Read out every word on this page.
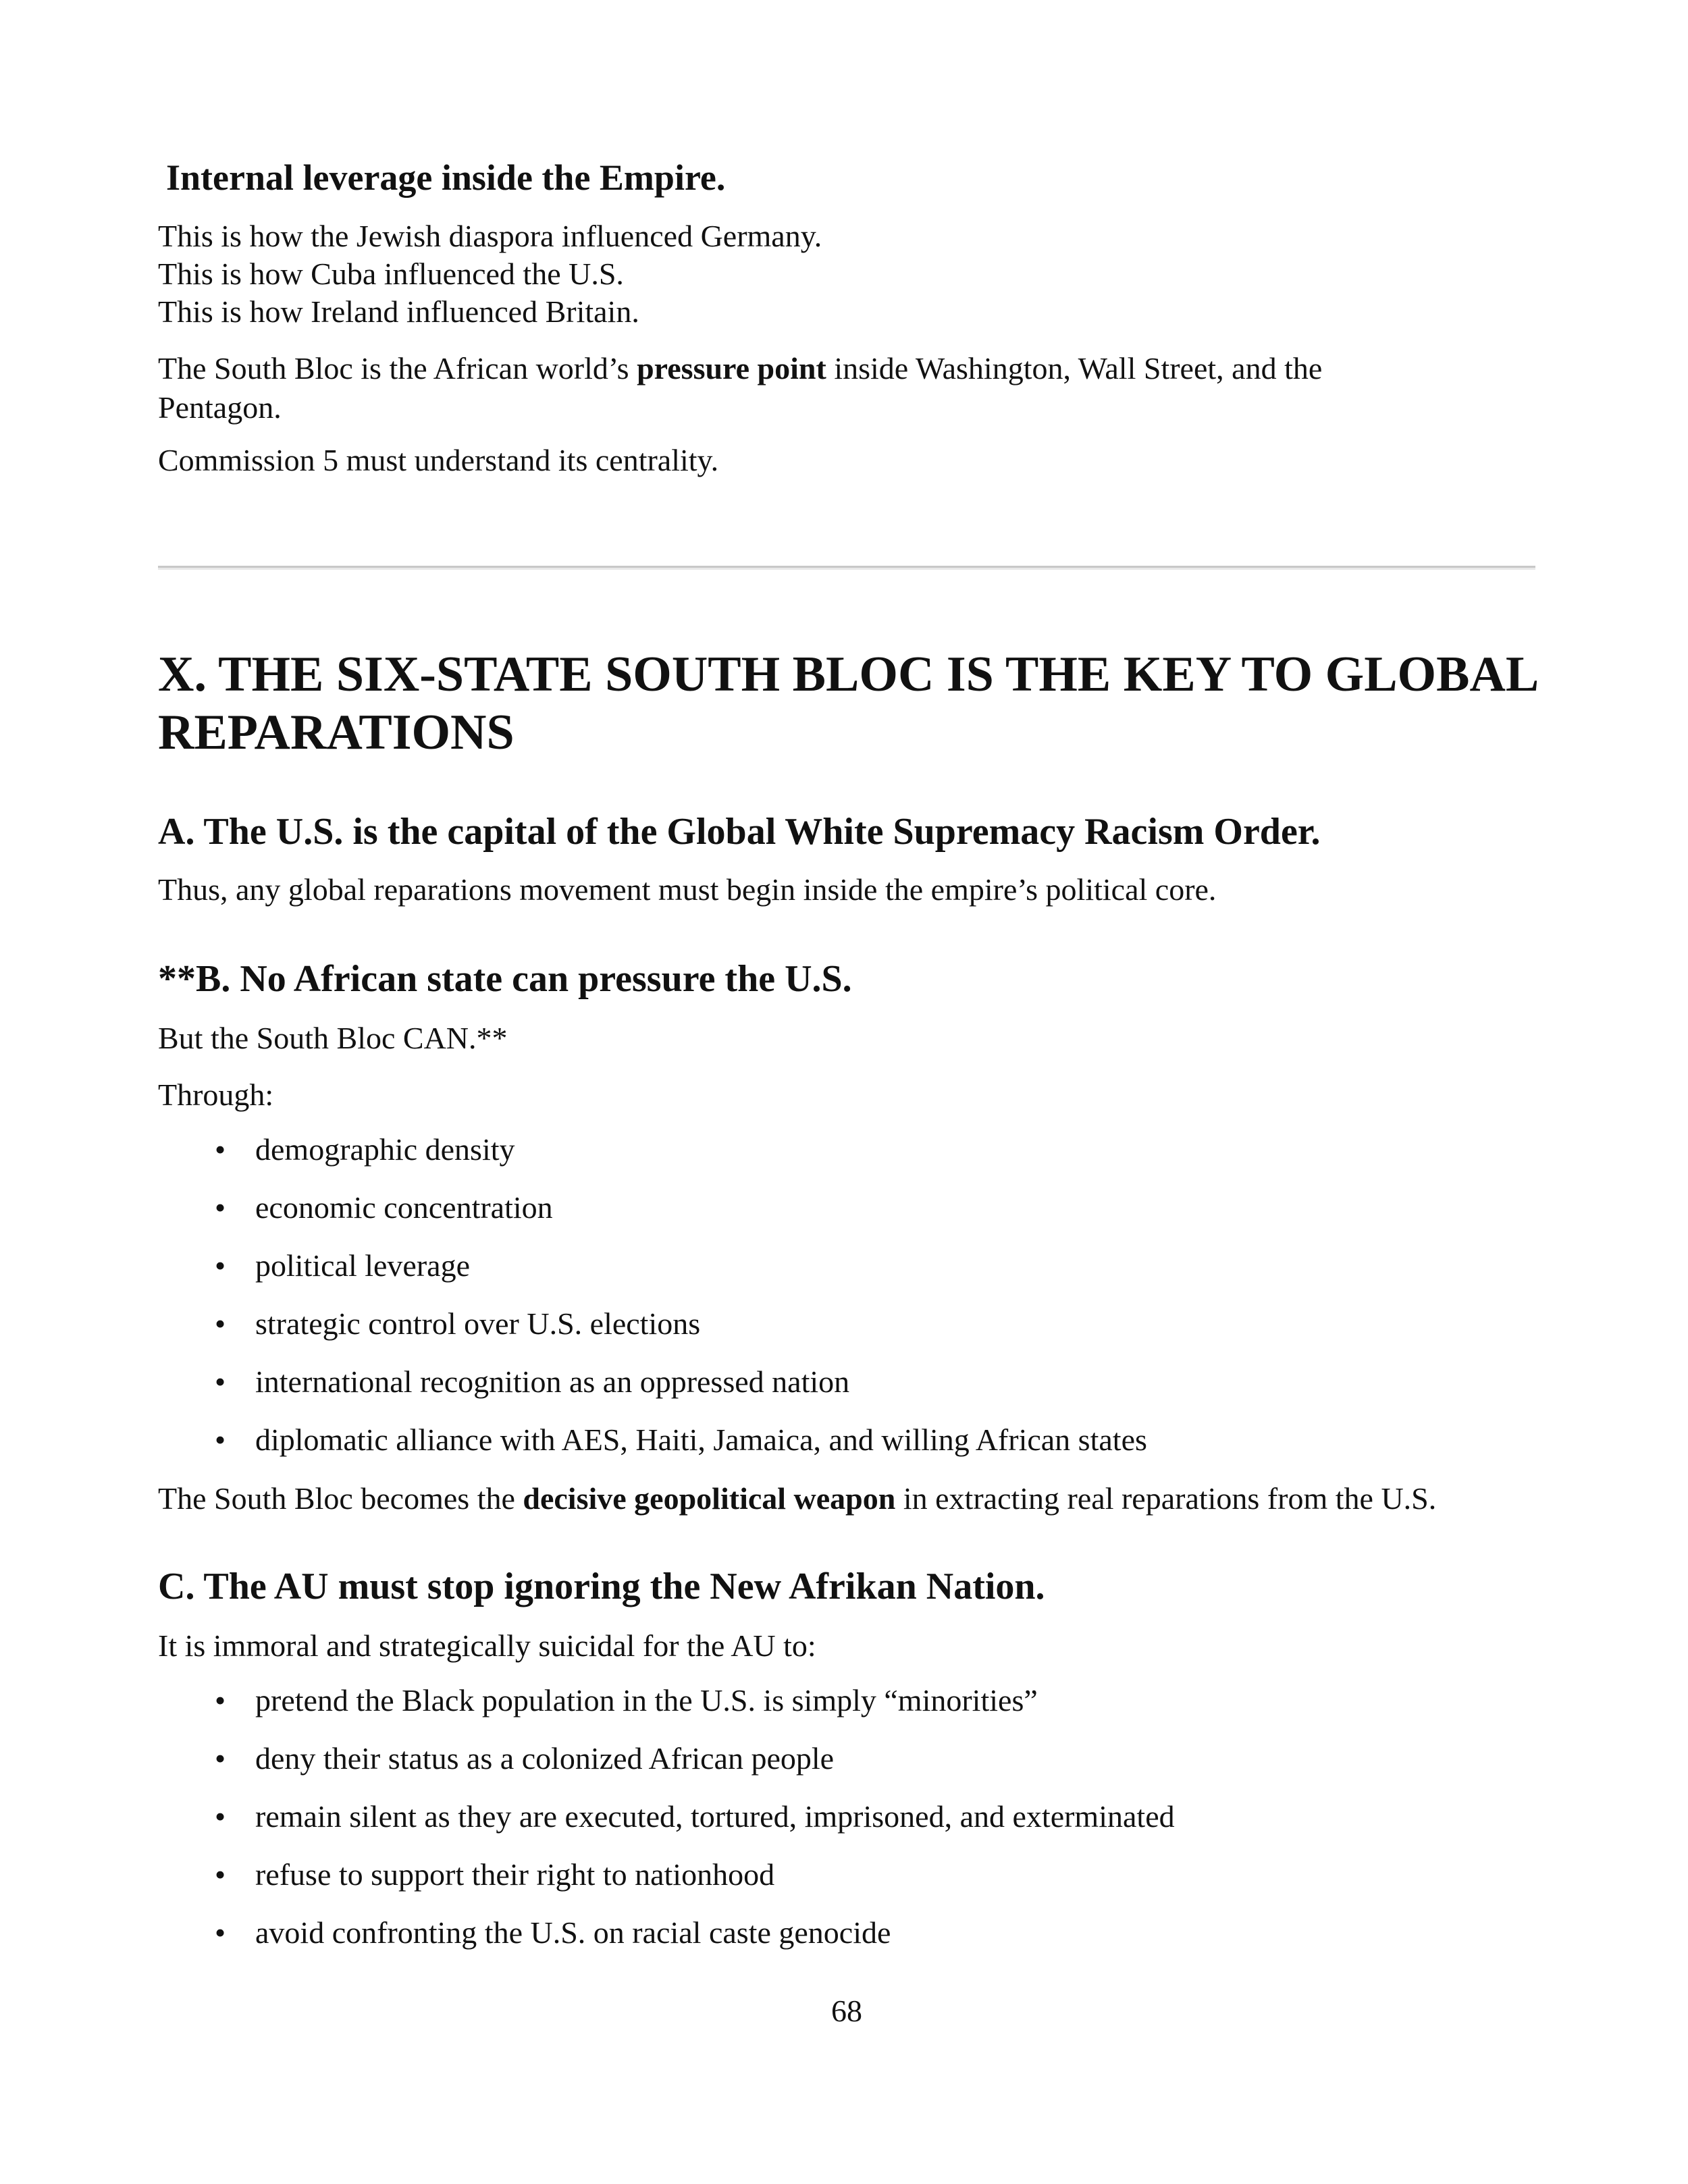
Internal leverage inside the Empire.
This is how the Jewish diaspora influenced Germany.
This is how Cuba influenced the U.S.
This is how Ireland influenced Britain.
The South Bloc is the African world’s pressure point inside Washington, Wall Street, and the
Pentagon.
Commission 5 must understand its centrality.
X. THE SIX-STATE SOUTH BLOC IS THE KEY TO GLOBAL
REPARATIONS
A. The U.S. is the capital of the Global White Supremacy Racism Order.
Thus, any global reparations movement must begin inside the empire’s political core.
**B. No African state can pressure the U.S.
But the South Bloc CAN.**
Through:
• demographic density
• economic concentration
• political leverage
• strategic control over U.S. elections
• international recognition as an oppressed nation
• diplomatic alliance with AES, Haiti, Jamaica, and willing African states
The South Bloc becomes the decisive geopolitical weapon in extracting real reparations from the U.S.
C. The AU must stop ignoring the New Afrikan Nation.
It is immoral and strategically suicidal for the AU to:
• pretend the Black population in the U.S. is simply “minorities”
• deny their status as a colonized African people
• remain silent as they are executed, tortured, imprisoned, and exterminated
• refuse to support their right to nationhood
• avoid confronting the U.S. on racial caste genocide
68
